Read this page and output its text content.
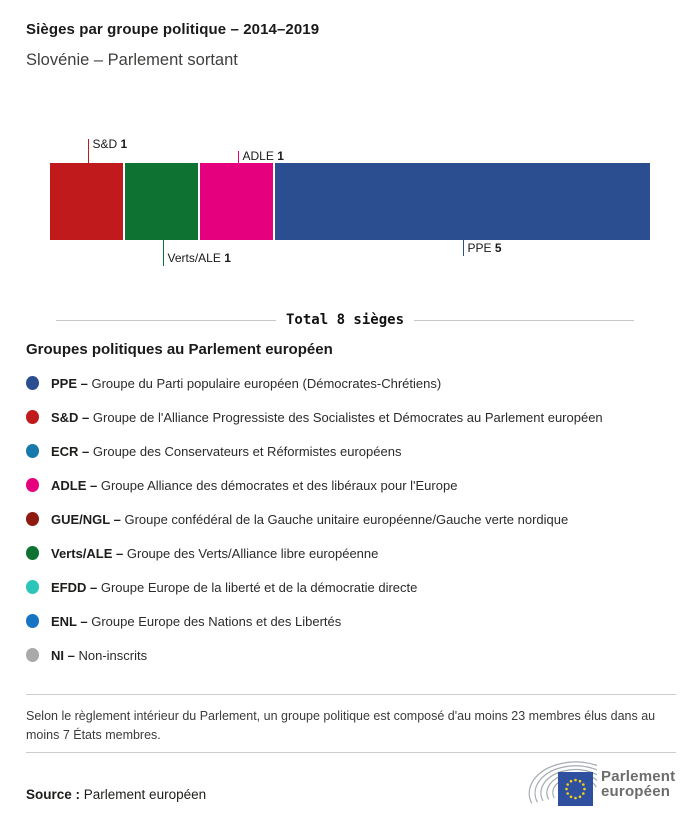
Sièges par groupe politique – 2014–2019
Slovénie – Parlement sortant
S&D 1
Verts/ALE 1
ADLE 1
PPE 5
Total 8 sièges
Groupes politiques au Parlement européen
PPE – Groupe du Parti populaire européen (Démocrates-Chrétiens)
S&D – Groupe de l'Alliance Progressiste des Socialistes et Démocrates au Parlement européen
ECR – Groupe des Conservateurs et Réformistes européens
ADLE – Groupe Alliance des démocrates et des libéraux pour l'Europe
GUE/NGL – Groupe confédéral de la Gauche unitaire européenne/Gauche verte nordique
Verts/ALE – Groupe des Verts/Alliance libre européenne
EFDD – Groupe Europe de la liberté et de la démocratie directe
ENL – Groupe Europe des Nations et des Libertés
NI – Non-inscrits

Selon le règlement intérieur du Parlement, un groupe politique est composé d'au moins 23 membres élus dans au moins 7 États membres.

Source : Parlement européen
Parlement
européen
